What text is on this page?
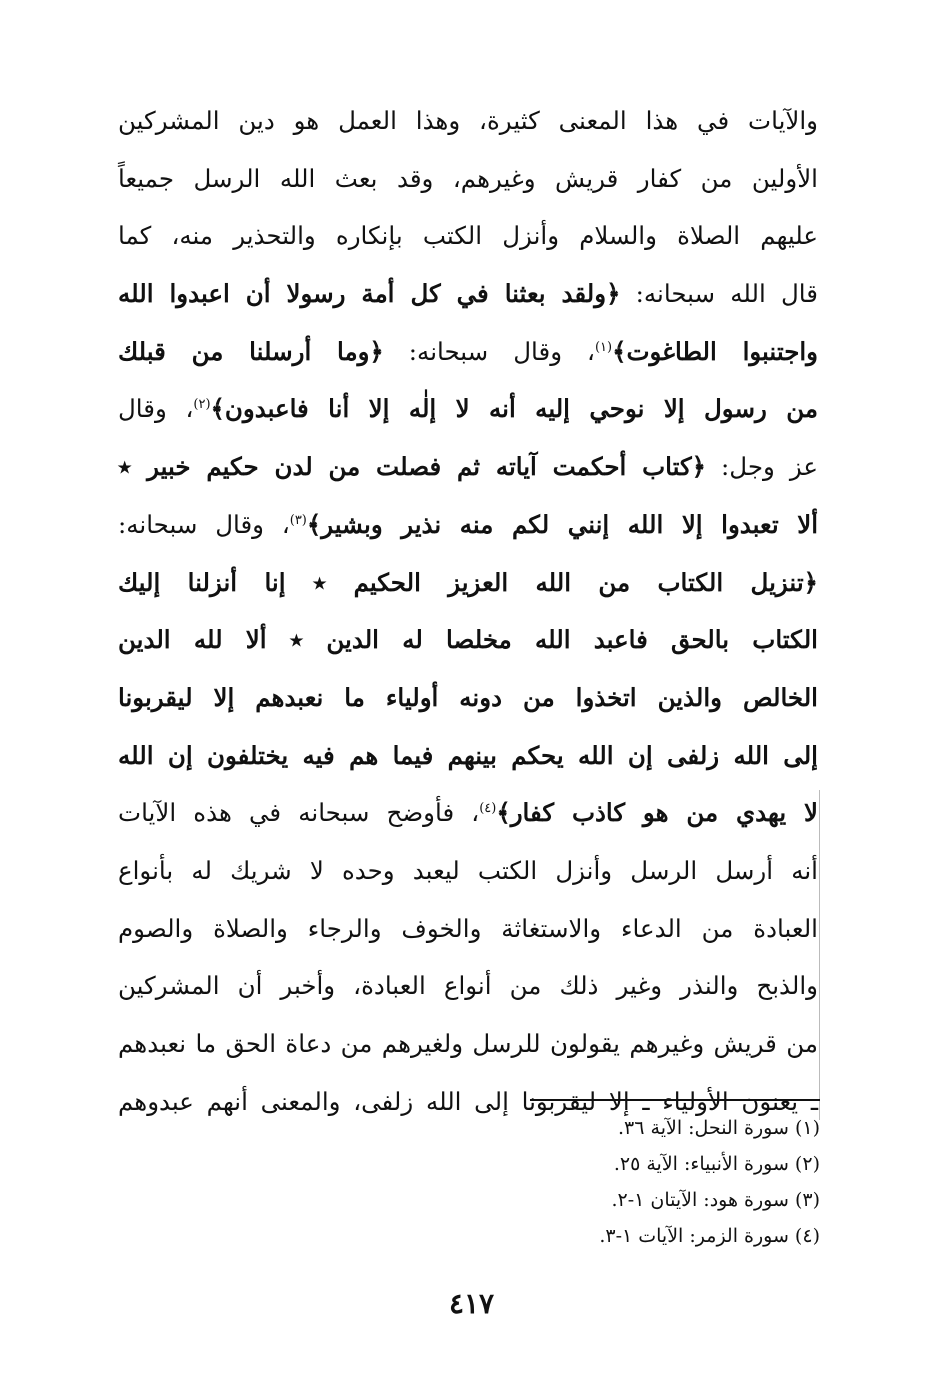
والآيات في هذا المعنى كثيرة، وهذا العمل هو دين المشركين
الأولين من كفار قريش وغيرهم، وقد بعث الله الرسل جميعاً
عليهم الصلاة والسلام وأنزل الكتب بإنكاره والتحذير منه، كما
قال الله سبحانه: ﴿ولقد بعثنا في كل أمة رسولا أن اعبدوا الله
واجتنبوا الطاغوت﴾$^{(١)}$، وقال سبحانه: ﴿وما أرسلنا من قبلك
من رسول إلا نوحي إليه أنه لا إلٰه إلا أنا فاعبدون﴾$^{(٢)}$، وقال
عز وجل: ﴿كتاب أحكمت آياته ثم فصلت من لدن حكيم خبير ٭
ألا تعبدوا إلا الله إنني لكم منه نذير وبشير﴾$^{(٣)}$، وقال سبحانه:
﴿تنزيل الكتاب من الله العزيز الحكيم ٭ إنا أنزلنا إليك
الكتاب بالحق فاعبد الله مخلصا له الدين ٭ ألا لله الدين
الخالص والذين اتخذوا من دونه أولياء ما نعبدهم إلا ليقربونا
إلى الله زلفى إن الله يحكم بينهم فيما هم فيه يختلفون إن الله
لا يهدي من هو كاذب كفار﴾$^{(٤)}$، فأوضح سبحانه في هذه الآيات
أنه أرسل الرسل وأنزل الكتب ليعبد وحده لا شريك له بأنواع
العبادة من الدعاء والاستغاثة والخوف والرجاء والصلاة والصوم
والذبح والنذر وغير ذلك من أنواع العبادة، وأخبر أن المشركين
من قريش وغيرهم يقولون للرسل ولغيرهم من دعاة الحق ما نعبدهم
ـ يعنون الأولياء ـ إلا ليقربونا إلى الله زلفى، والمعنى أنهم عبدوهم
(١) سورة النحل: الآية ٣٦.
(٢) سورة الأنبياء: الآية ٢٥.
(٣) سورة هود: الآيتان ١-٢.
(٤) سورة الزمر: الآيات ١-٣.
٤١٧
